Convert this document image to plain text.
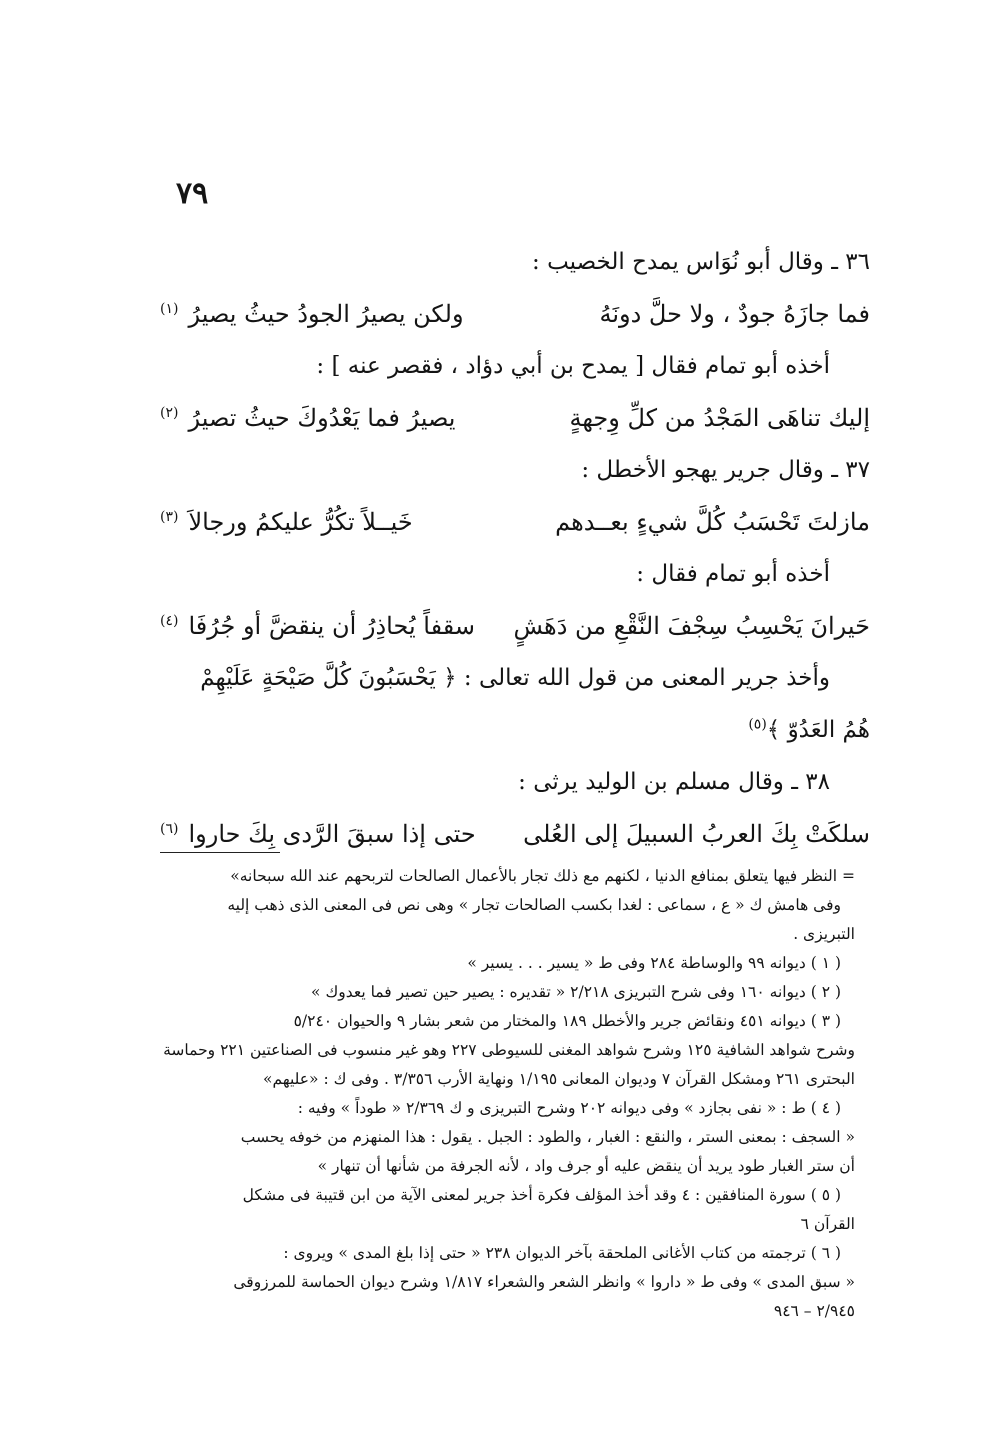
٧٩
٣٦ ـ وقال أبو نُوَاس يمدح الخصيب :
فما جازَهُ جودٌ ، ولا حلَّ دونَهُ
ولكن يصيرُ الجودُ حيثُ يصيرُ$^{(١)}$
أخذه أبو تمام فقال [ يمدح بن أبي دؤاد ، فقصر عنه ] :
إليك تناهَى المَجْدُ من كلِّ وِجهةٍ
يصيرُ فما يَعْدُوكَ حيثُ تصيرُ$^{(٢)}$
٣٧ ـ وقال جرير يهجو الأخطل :
مازلتَ تَحْسَبُ كُلَّ شيءٍ بعــدهم
خَيــلاً تكُرُّ عليكمُ ورجالاَ$^{(٣)}$
أخذه أبو تمام فقال :
حَيرانَ يَحْسِبُ سِجْفَ النَّقْعِ من دَهَشٍ
سقفاً يُحاذِرُ أن ينقضَّ أو جُرُفَا$^{(٤)}$
وأخذ جرير المعنى من قول الله تعالى : ﴿ يَحْسَبُونَ كُلَّ صَيْحَةٍ عَلَيْهِمْ
هُمُ العَدُوّ ﴾$^{(٥)}$
٣٨ ـ وقال مسلم بن الوليد يرثى :
سلكَتْ بِكَ العربُ السبيلَ إلى العُلى
حتى إذا سبقَ الرَّدى بِكَ حاروا$^{(٦)}$
= النظر فيها يتعلق بمنافع الدنيا ، لكنهم مع ذلك تجار بالأعمال الصالحات لتربحهم عند الله سبحانه»
وفى هامش ك « ع ، سماعى : لغدا بكسب الصالحات تجار » وهى نص فى المعنى الذى ذهب إليه
التبريزى .
( ١ ) ديوانه ٩٩ والوساطة ٢٨٤ وفى ط « يسير . . . يسير »
( ٢ ) ديوانه ١٦٠ وفى شرح التبريزى ٢/٢١٨ « تقديره : يصير حين تصير فما يعدوك »
( ٣ ) ديوانه ٤٥١ ونقائض جرير والأخطل ١٨٩ والمختار من شعر بشار ٩ والحيوان ٥/٢٤٠
وشرح شواهد الشافية ١٢٥ وشرح شواهد المغنى للسيوطى ٢٢٧ وهو غير منسوب فى الصناعتين ٢٢١ وحماسة
البحترى ٢٦١ ومشكل القرآن ٧ وديوان المعانى ١/١٩٥ ونهاية الأرب ٣/٣٥٦ . وفى ك : «عليهم»
( ٤ ) ط : « نفى بجازد » وفى ديوانه ٢٠٢ وشرح التبريزى و ك ٢/٣٦٩ « طوداً » وفيه :
« السجف : بمعنى الستر ، والنقع : الغبار ، والطود : الجبل . يقول : هذا المنهزم من خوفه يحسب
أن ستر الغبار طود يريد أن ينقض عليه أو جرف واد ، لأنه الجرفة من شأنها أن تنهار »
( ٥ ) سورة المنافقين : ٤ وقد أخذ المؤلف فكرة أخذ جرير لمعنى الآية من ابن قتيبة فى مشكل
القرآن ٦
( ٦ ) ترجمته من كتاب الأغانى الملحقة بآخر الديوان ٢٣٨ « حتى إذا بلغ المدى » ويروى :
« سبق المدى » وفى ط « داروا » وانظر الشعر والشعراء ١/٨١٧ وشرح ديوان الحماسة للمرزوقى
٢/٩٤٥ – ٩٤٦
